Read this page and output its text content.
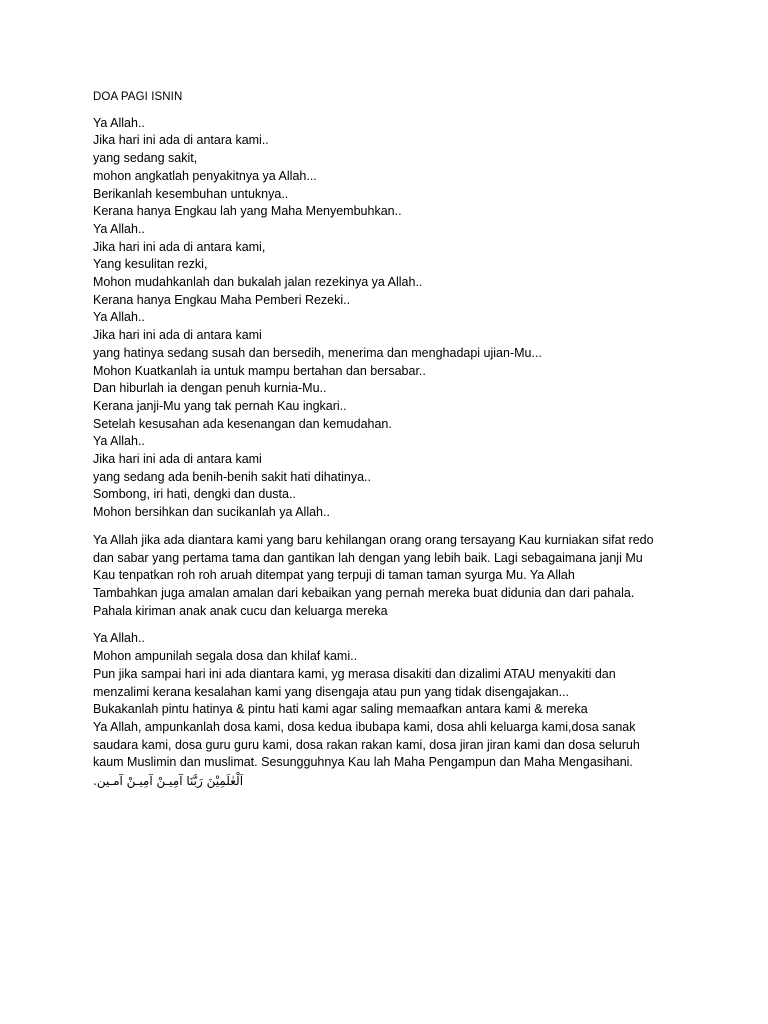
DOA PAGI ISNIN
Ya Allah..
Jika hari ini ada di antara kami..
yang sedang sakit,
mohon angkatlah penyakitnya ya Allah...
Berikanlah kesembuhan untuknya..
Kerana hanya Engkau lah yang Maha Menyembuhkan..
Ya Allah..
Jika hari ini ada di antara kami,
Yang kesulitan rezki,
Mohon mudahkanlah dan bukalah jalan rezekinya ya Allah..
Kerana hanya Engkau Maha Pemberi Rezeki..
Ya Allah..
Jika hari ini ada di antara kami
yang hatinya sedang susah dan bersedih, menerima dan menghadapi ujian-Mu...
Mohon Kuatkanlah ia untuk mampu bertahan dan bersabar..
Dan hiburlah ia dengan penuh kurnia-Mu..
Kerana janji-Mu yang tak pernah Kau ingkari..
Setelah kesusahan ada kesenangan dan kemudahan.
Ya Allah..
Jika hari ini ada di antara kami
yang sedang ada benih-benih sakit hati dihatinya..
Sombong, iri hati, dengki dan dusta..
Mohon bersihkan dan sucikanlah ya Allah..
Ya Allah jika ada diantara kami yang baru kehilangan orang orang tersayang Kau kurniakan sifat redo
dan sabar yang pertama tama dan gantikan lah dengan yang lebih baik. Lagi sebagaimana janji Mu
Kau tenpatkan roh roh aruah ditempat yang terpuji di taman taman syurga Mu. Ya Allah
Tambahkan juga amalan amalan dari kebaikan yang pernah mereka buat didunia dan dari pahala.
Pahala kiriman anak anak cucu dan keluarga mereka
Ya Allah..
Mohon ampunilah segala dosa dan khilaf kami..
Pun jika sampai hari ini ada diantara kami, yg merasa disakiti dan dizalimi ATAU menyakiti dan
menzalimi kerana kesalahan kami yang disengaja atau pun yang tidak disengajakan...
Bukakanlah pintu hatinya & pintu hati kami agar saling memaafkan antara kami & mereka
Ya Allah, ampunkanlah dosa kami, dosa kedua ibubapa kami, dosa ahli keluarga kami,dosa sanak
saudara kami, dosa guru guru kami, dosa rakan rakan kami, dosa jiran jiran kami dan dosa seluruh
kaum Muslimin dan muslimat. Sesungguhnya Kau lah Maha Pengampun dan Maha Mengasihani.
اَلْعٰلَمِيْنَ رَبَّنَا آمِيـنْ آمِيـنْ آمـين.
